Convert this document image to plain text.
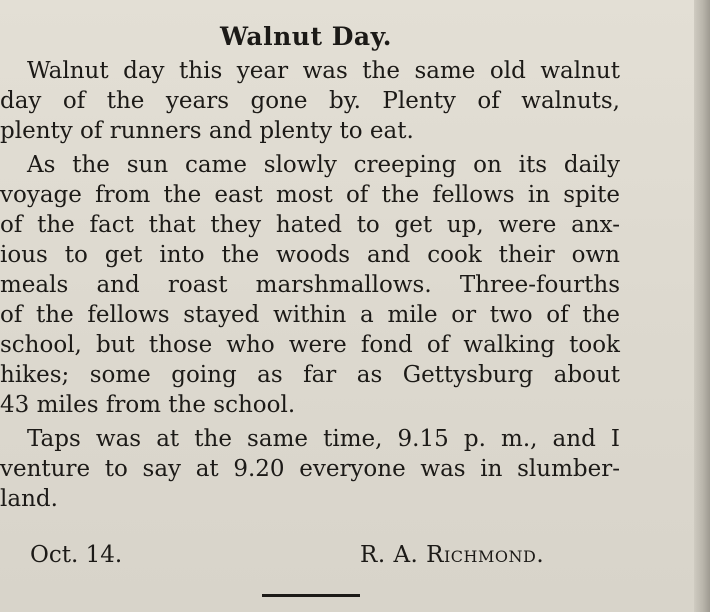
Walnut Day.
Walnut day this year was the same old walnut
day of the years gone by. Plenty of walnuts,
plenty of runners and plenty to eat.
As the sun came slowly creeping on its daily
voyage from the east most of the fellows in spite
of the fact that they hated to get up, were anx-
ious to get into the woods and cook their own
meals and roast marshmallows. Three-fourths
of the fellows stayed within a mile or two of the
school, but those who were fond of walking took
hikes; some going as far as Gettysburg about
43 miles from the school.
Taps was at the same time, 9.15 p. m., and I
venture to say at 9.20 everyone was in slumber-
land.
Oct. 14.	R. A. Richmond.
